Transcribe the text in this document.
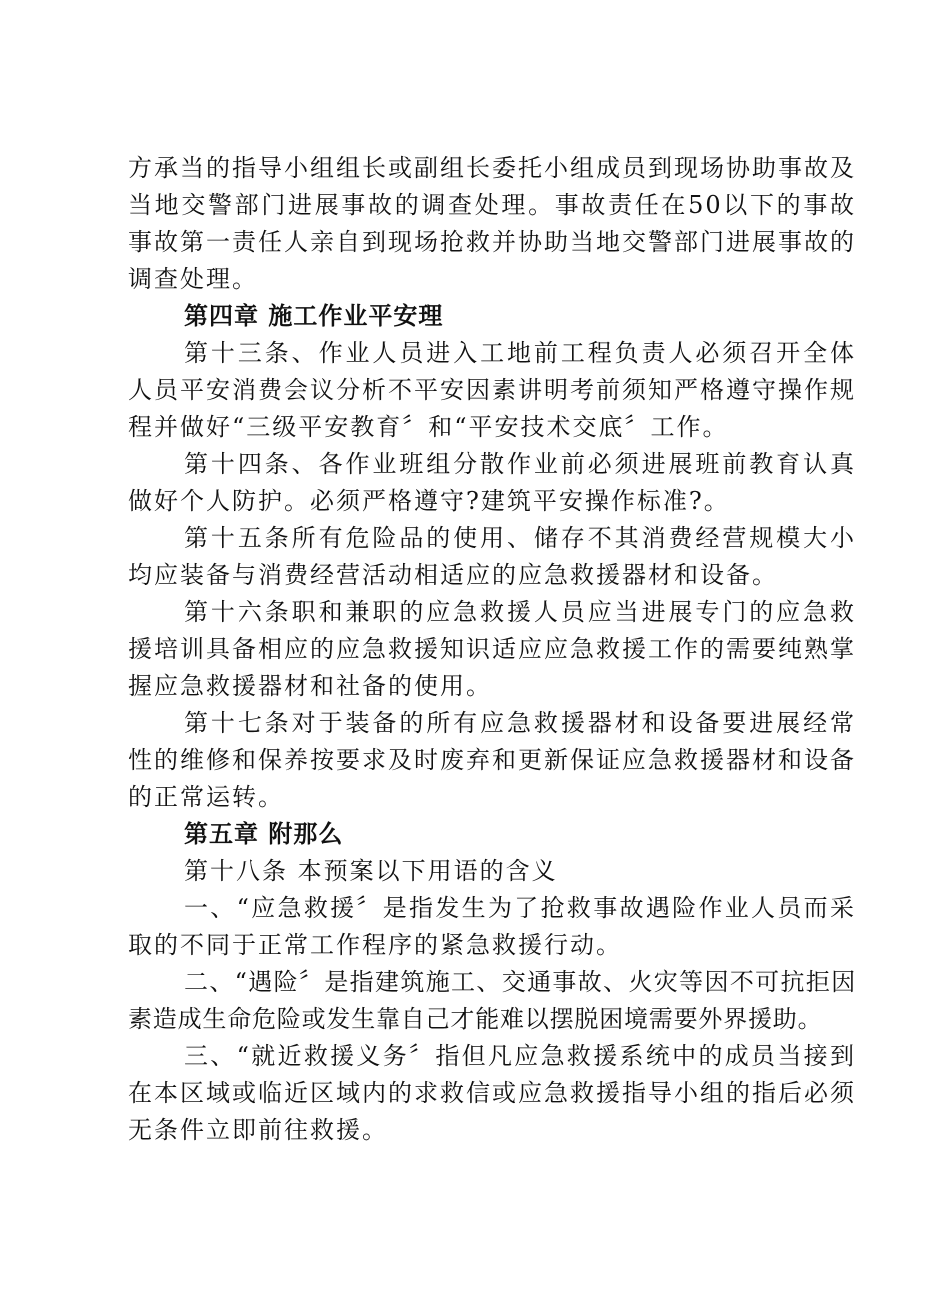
方承当的指导小组组长或副组长委托小组成员到现场协助事故及当地交警部门进展事故的调查处理。事故责任在50以下的事故事故第一责任人亲自到现场抢救并协助当地交警部门进展事故的调查处理。

第四章 施工作业平安理

第十三条、作业人员进入工地前工程负责人必须召开全体人员平安消费会议分析不平安因素讲明考前须知严格遵守操作规程并做好“三级平安教育〞和“平安技术交底〞工作。

第十四条、各作业班组分散作业前必须进展班前教育认真做好个人防护。必须严格遵守?建筑平安操作标准?。

第十五条所有危险品的使用、储存不其消费经营规模大小均应装备与消费经营活动相适应的应急救援器材和设备。

第十六条职和兼职的应急救援人员应当进展专门的应急救援培训具备相应的应急救援知识适应应急救援工作的需要纯熟掌握应急救援器材和社备的使用。

第十七条对于装备的所有应急救援器材和设备要进展经常性的维修和保养按要求及时废弃和更新保证应急救援器材和设备的正常运转。

第五章 附那么

第十八条 本预案以下用语的含义

一、“应急救援〞是指发生为了抢救事故遇险作业人员而采取的不同于正常工作程序的紧急救援行动。

二、“遇险〞是指建筑施工、交通事故、火灾等因不可抗拒因素造成生命危险或发生靠自己才能难以摆脱困境需要外界援助。

三、“就近救援义务〞指但凡应急救援系统中的成员当接到在本区域或临近区域内的求救信或应急救援指导小组的指后必须无条件立即前往救援。
